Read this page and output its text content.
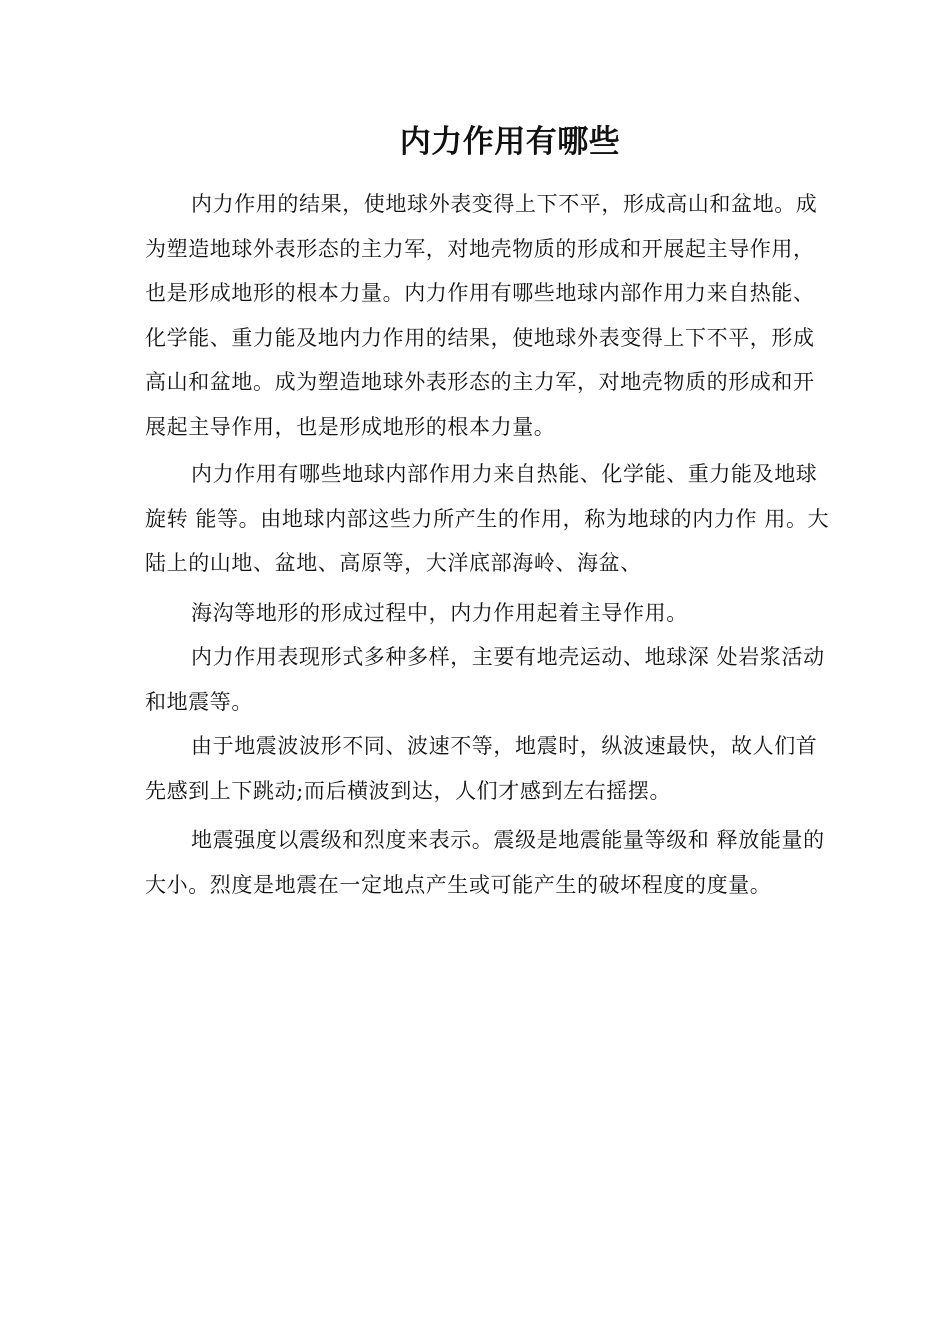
内力作用有哪些

内力作用的结果，使地球外表变得上下不平，形成高山和盆地。成为塑造地球外表形态的主力军，对地壳物质的形成和开展起主导作用，也是形成地形的根本力量。内力作用有哪些地球内部作用力来自热能、化学能、重力能及地内力作用的结果，使地球外表变得上下不平，形成高山和盆地。成为塑造地球外表形态的主力军，对地壳物质的形成和开展起主导作用，也是形成地形的根本力量。

内力作用有哪些地球内部作用力来自热能、化学能、重力能及地球旋转 能等。由地球内部这些力所产生的作用，称为地球的内力作 用。大陆上的山地、盆地、高原等，大洋底部海岭、海盆、

海沟等地形的形成过程中，内力作用起着主导作用。

内力作用表现形式多种多样，主要有地壳运动、地球深 处岩浆活动和地震等。

由于地震波波形不同、波速不等，地震时，纵波速最快，故人们首先感到上下跳动;而后横波到达，人们才感到左右摇摆。

地震强度以震级和烈度来表示。震级是地震能量等级和 释放能量的大小。烈度是地震在一定地点产生或可能产生的破坏程度的度量。
